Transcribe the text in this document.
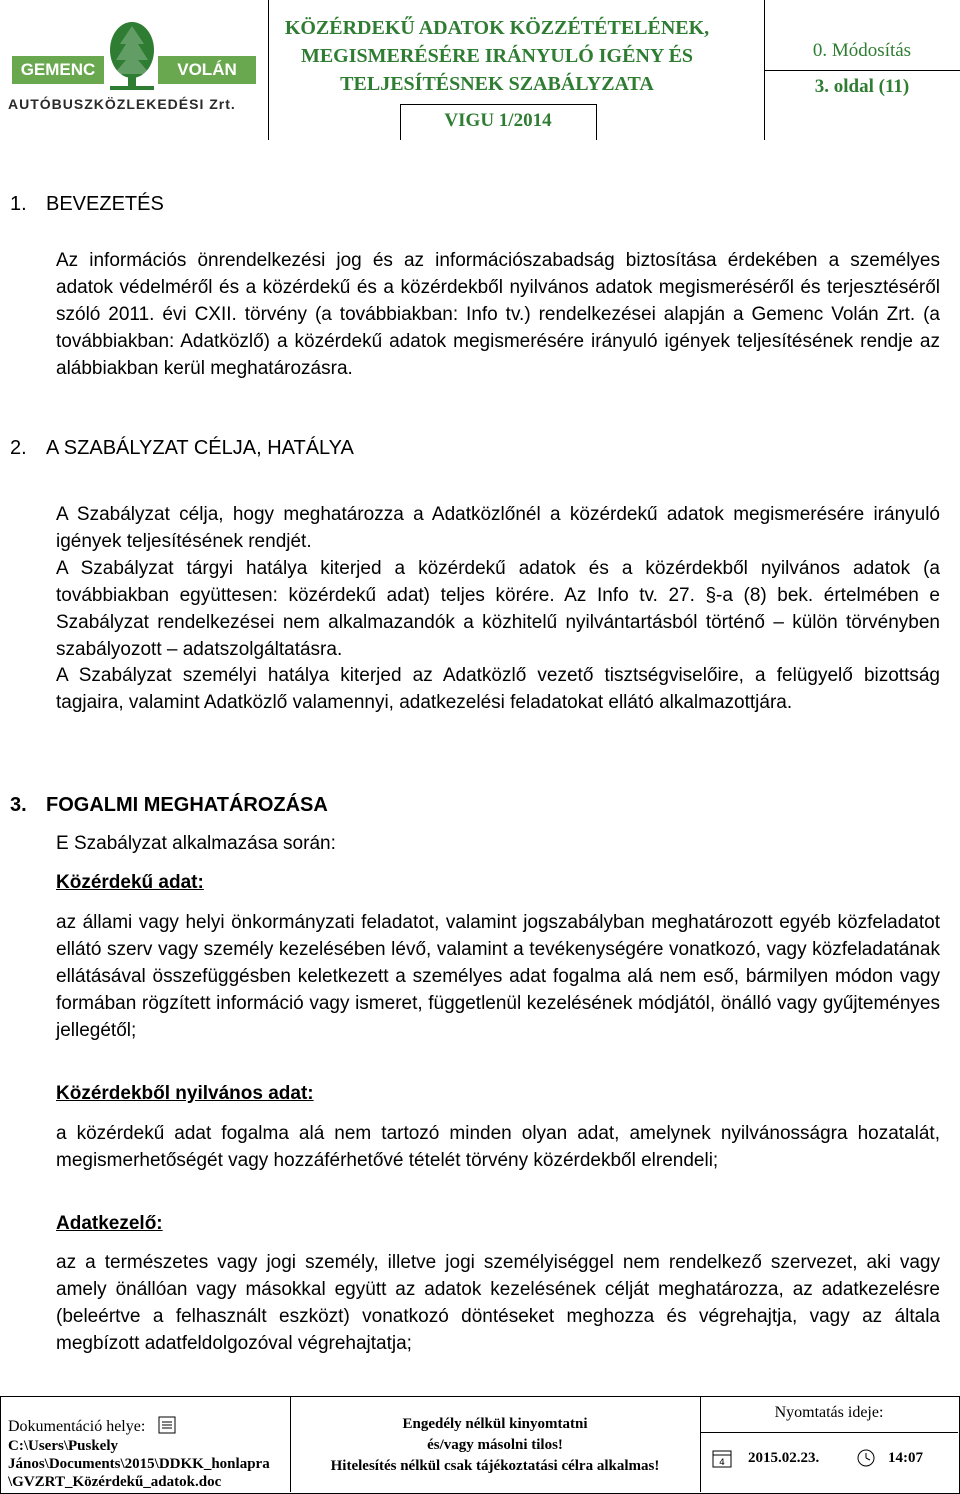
GEMENC	VOLÁN
AUTÓBUSZKÖZLEKEDÉSI Zrt.
KÖZÉRDEKŰ ADATOK KÖZZÉTÉTELÉNEK,
MEGISMERÉSÉRE IRÁNYULÓ IGÉNY ÉS
TELJESÍTÉSNEK SZABÁLYZATA
VIGU 1/2014
0. Módosítás
3. oldal (11)
1. BEVEZETÉS
Az információs önrendelkezési jog és az információszabadság biztosítása érdekében a személyes adatok védelméről és a közérdekű és a közérdekből nyilvános adatok megismeréséről és terjesztéséről szóló 2011. évi CXII. törvény (a továbbiakban: Info tv.) rendelkezései alapján a Gemenc Volán Zrt. (a továbbiakban: Adatközlő) a közérdekű adatok megismerésére irányuló igények teljesítésének rendje az alábbiakban kerül meghatározásra.
2. A SZABÁLYZAT CÉLJA, HATÁLYA
A Szabályzat célja, hogy meghatározza a Adatközlőnél a közérdekű adatok megismerésére irányuló igények teljesítésének rendjét.
A Szabályzat tárgyi hatálya kiterjed a közérdekű adatok és a közérdekből nyilvános adatok (a továbbiakban együttesen: közérdekű adat) teljes körére. Az Info tv. 27. §-a (8) bek. értelmében e Szabályzat rendelkezései nem alkalmazandók a közhitelű nyilvántartásból történő – külön törvényben szabályozott – adatszolgáltatásra.
A Szabályzat személyi hatálya kiterjed az Adatközlő vezető tisztségviselőire, a felügyelő bizottság tagjaira, valamint Adatközlő valamennyi, adatkezelési feladatokat ellátó alkalmazottjára.
3. FOGALMI MEGHATÁROZÁSA
E Szabályzat alkalmazása során:
Közérdekű adat:
az állami vagy helyi önkormányzati feladatot, valamint jogszabályban meghatározott egyéb közfeladatot ellátó szerv vagy személy kezelésében lévő, valamint a tevékenységére vonatkozó, vagy közfeladatának ellátásával összefüggésben keletkezett a személyes adat fogalma alá nem eső, bármilyen módon vagy formában rögzített információ vagy ismeret, függetlenül kezelésének módjától, önálló vagy gyűjteményes jellegétől;
Közérdekből nyilvános adat:
a közérdekű adat fogalma alá nem tartozó minden olyan adat, amelynek nyilvánosságra hozatalát, megismerhetőségét vagy hozzáférhetővé tételét törvény közérdekből elrendeli;
Adatkezelő:
az a természetes vagy jogi személy, illetve jogi személyiséggel nem rendelkező szervezet, aki vagy amely önállóan vagy másokkal együtt az adatok kezelésének célját meghatározza, az adatkezelésre (beleértve a felhasznált eszközt) vonatkozó döntéseket meghozza és végrehajtja, vagy az általa megbízott adatfeldolgozóval végrehajtatja;
Dokumentáció helye:
C:\Users\Puskely
János\Documents\2015\DDKK_honlapra
\GVZRT_Közérdekű_adatok.doc
Engedély nélkül kinyomtatni
és/vagy másolni tilos!
Hitelesítés nélkül csak tájékoztatási célra alkalmas!
Nyomtatás ideje:
4 2015.02.23.	14:07
